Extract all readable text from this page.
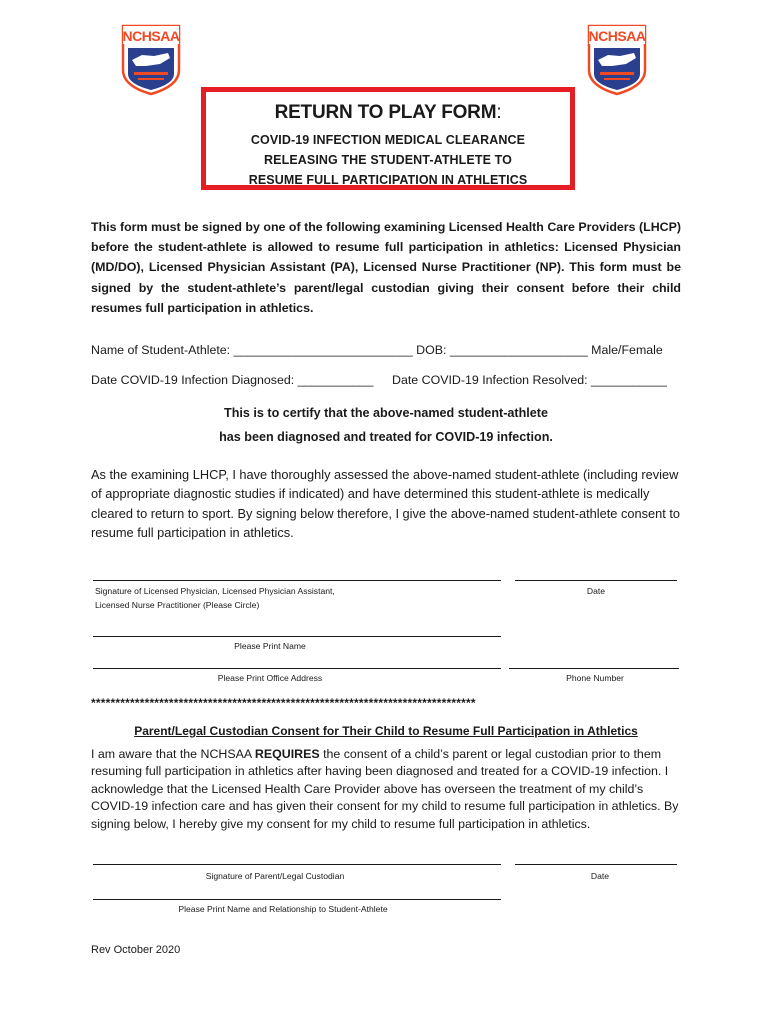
NCHSAA	NCHSAA
RETURN TO PLAY FORM:
COVID-19 INFECTION MEDICAL CLEARANCE
RELEASING THE STUDENT-ATHLETE TO
RESUME FULL PARTICIPATION IN ATHLETICS
This form must be signed by one of the following examining Licensed Health Care Providers (LHCP) before the student-athlete is allowed to resume full participation in athletics: Licensed Physician (MD/DO), Licensed Physician Assistant (PA), Licensed Nurse Practitioner (NP). This form must be signed by the student-athlete’s parent/legal custodian giving their consent before their child resumes full participation in athletics.
Name of Student-Athlete: __________________________ DOB: ____________________ Male/Female
Date COVID-19 Infection Diagnosed: ___________ Date COVID-19 Infection Resolved: ___________
This is to certify that the above-named student-athlete
has been diagnosed and treated for COVID-19 infection.
As the examining LHCP, I have thoroughly assessed the above-named student-athlete (including review of appropriate diagnostic studies if indicated) and have determined this student-athlete is medically cleared to return to sport. By signing below therefore, I give the above-named student-athlete consent to resume full participation in athletics.
Signature of Licensed Physician, Licensed Physician Assistant,
Licensed Nurse Practitioner (Please Circle)
Date
Please Print Name
Please Print Office Address	Phone Number
*******************************************************************************
Parent/Legal Custodian Consent for Their Child to Resume Full Participation in Athletics
I am aware that the NCHSAA REQUIRES the consent of a child’s parent or legal custodian prior to them resuming full participation in athletics after having been diagnosed and treated for a COVID-19 infection. I acknowledge that the Licensed Health Care Provider above has overseen the treatment of my child’s COVID-19 infection care and has given their consent for my child to resume full participation in athletics. By signing below, I hereby give my consent for my child to resume full participation in athletics.
Signature of Parent/Legal Custodian	Date
Please Print Name and Relationship to Student-Athlete
Rev October 2020
